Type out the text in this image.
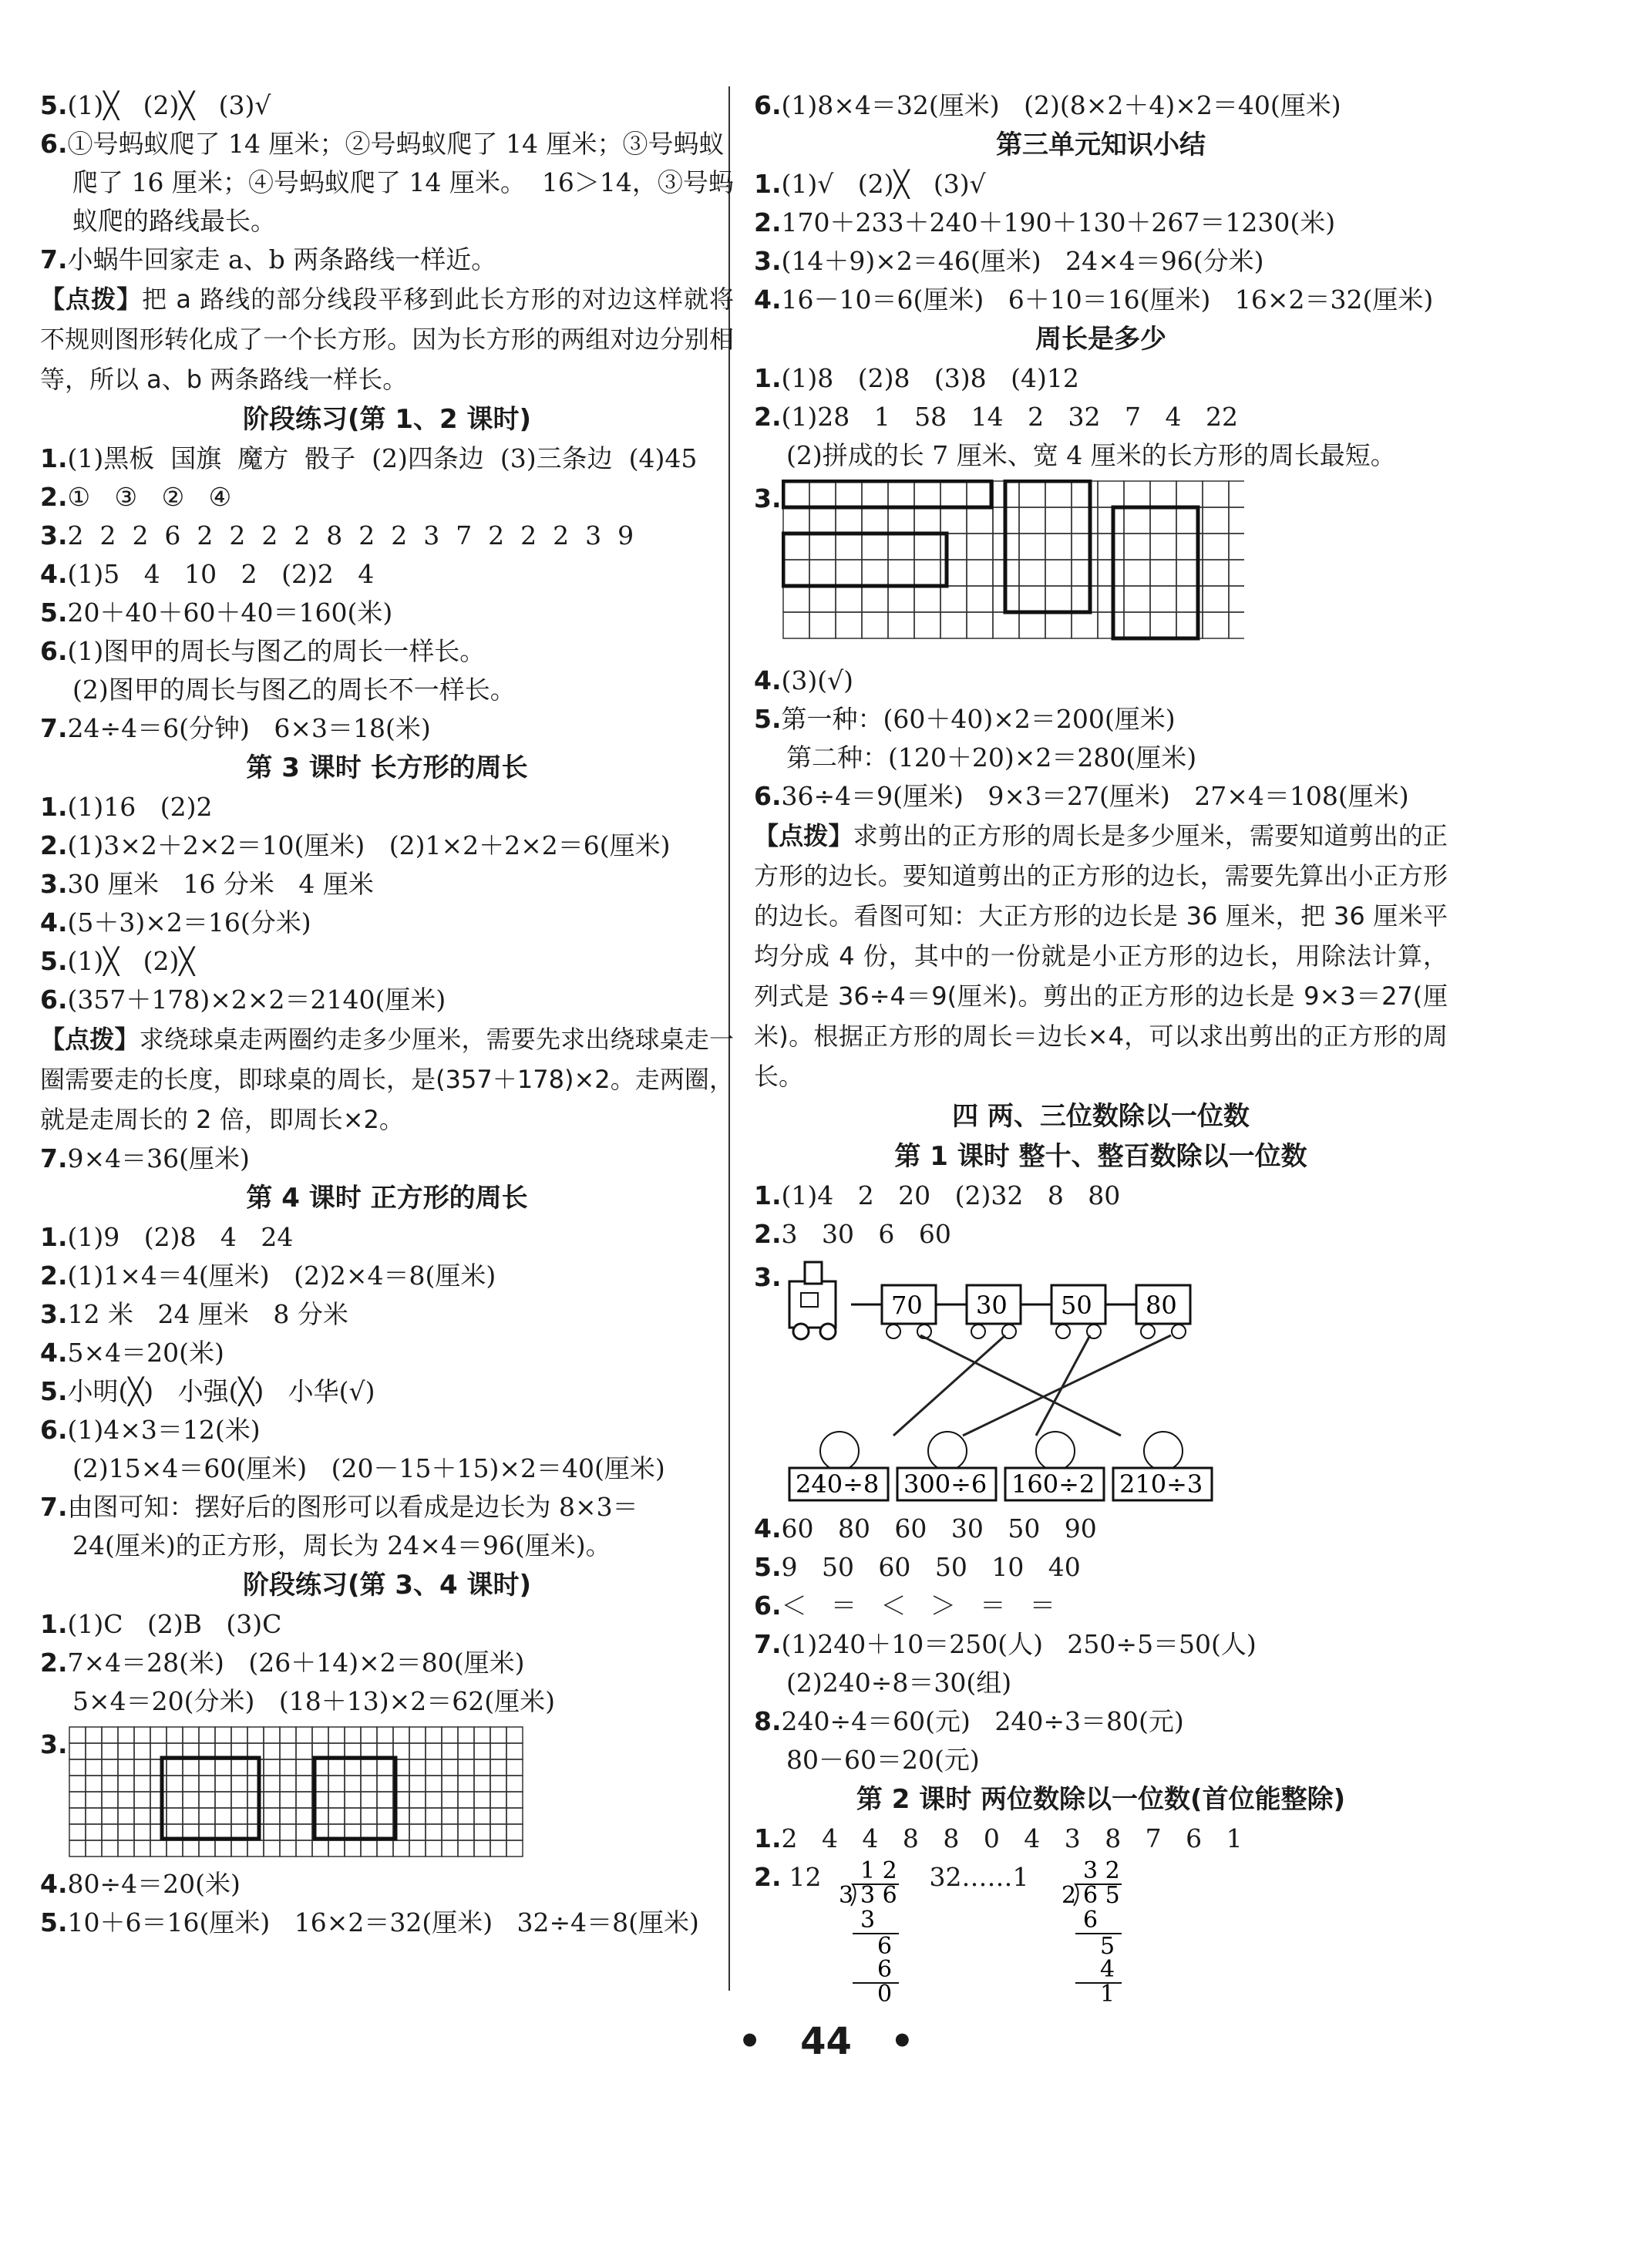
5.(1)╳   (2)╳   (3)√
6.①号蚂蚁爬了 14 厘米；②号蚂蚁爬了 14 厘米；③号蚂蚁
爬了 16 厘米；④号蚂蚁爬了 14 厘米。  16＞14，③号蚂
蚁爬的路线最长。
7.小蜗牛回家走 a、b 两条路线一样近。
【点拨】把 a 路线的部分线段平移到此长方形的对边这样就将不规则图形转化成了一个长方形。因为长方形的两组对边分别相等，所以 a、b 两条路线一样长。
阶段练习(第 1、2 课时)
1.(1)黑板  国旗  魔方  骰子  (2)四条边  (3)三条边  (4)45
2.①   ③   ②   ④
3.2  2  2  6  2  2  2  2  8  2  2  3  7  2  2  2  3  9
4.(1)5   4   10   2   (2)2   4
5.20＋40＋60＋40＝160(米)
6.(1)图甲的周长与图乙的周长一样长。
(2)图甲的周长与图乙的周长不一样长。
7.24÷4＝6(分钟)   6×3＝18(米)
第 3 课时 长方形的周长
1.(1)16   (2)2
2.(1)3×2＋2×2＝10(厘米)   (2)1×2＋2×2＝6(厘米)
3.30 厘米   16 分米   4 厘米
4.(5＋3)×2＝16(分米)
5.(1)╳   (2)╳
6.(357＋178)×2×2＝2140(厘米)
【点拨】求绕球桌走两圈约走多少厘米，需要先求出绕球桌走一圈需要走的长度，即球桌的周长，是(357＋178)×2。走两圈，就是走周长的 2 倍，即周长×2。
7.9×4＝36(厘米)
第 4 课时 正方形的周长
1.(1)9   (2)8   4   24
2.(1)1×4＝4(厘米)   (2)2×4＝8(厘米)
3.12 米   24 厘米   8 分米
4.5×4＝20(米)
5.小明(╳)   小强(╳)   小华(√)
6.(1)4×3＝12(米)
(2)15×4＝60(厘米)   (20－15＋15)×2＝40(厘米)
7.由图可知：摆好后的图形可以看成是边长为 8×3＝
24(厘米)的正方形，周长为 24×4＝96(厘米)。
阶段练习(第 3、4 课时)
1.(1)C   (2)B   (3)C
2.7×4＝28(米)   (26＋14)×2＝80(厘米)
5×4＝20(分米)   (18＋13)×2＝62(厘米)
3.
4.80÷4＝20(米)
5.10＋6＝16(厘米)   16×2＝32(厘米)   32÷4＝8(厘米)
6.(1)8×4＝32(厘米)   (2)(8×2＋4)×2＝40(厘米)
第三单元知识小结
1.(1)√   (2)╳   (3)√
2.170＋233＋240＋190＋130＋267＝1230(米)
3.(14＋9)×2＝46(厘米)   24×4＝96(分米)
4.16－10＝6(厘米)   6＋10＝16(厘米)   16×2＝32(厘米)
周长是多少
1.(1)8   (2)8   (3)8   (4)12
2.(1)28   1   58   14   2   32   7   4   22
(2)拼成的长 7 厘米、宽 4 厘米的长方形的周长最短。
3.
4.(3)(√)
5.第一种：(60＋40)×2＝200(厘米)
第二种：(120＋20)×2＝280(厘米)
6.36÷4＝9(厘米)   9×3＝27(厘米)   27×4＝108(厘米)
【点拨】求剪出的正方形的周长是多少厘米，需要知道剪出的正方形的边长。要知道剪出的正方形的边长，需要先算出小正方形的边长。看图可知：大正方形的边长是 36 厘米，把 36 厘米平均分成 4 份，其中的一份就是小正方形的边长，用除法计算，列式是 36÷4＝9(厘米)。剪出的正方形的边长是 9×3＝27(厘米)。根据正方形的周长＝边长×4，可以求出剪出的正方形的周长。
四 两、三位数除以一位数
第 1 课时 整十、整百数除以一位数
1.(1)4   2   20   (2)32   8   80
2.3   30   6   60
3.
70 30 50 80
240÷8 300÷6 160÷2 210÷3
4.60   80   60   30   50   90
5.9   50   60   50   10   40
6.＜   ＝   ＜   ＞   ＝   ＝
7.(1)240＋10＝250(人)   250÷5＝50(人)
(2)240÷8＝30(组)
8.240÷4＝60(元)   240÷3＝80(元)
80－60＝20(元)
第 2 课时 两位数除以一位数(首位能整除)
1.2   4   4   8   8   0   4   3   8   7   6   1
2. 12 1 2
3 3 6
3
6
6
0
32……1 3 2
2 6 5
6
5
4
1
•   44   •
